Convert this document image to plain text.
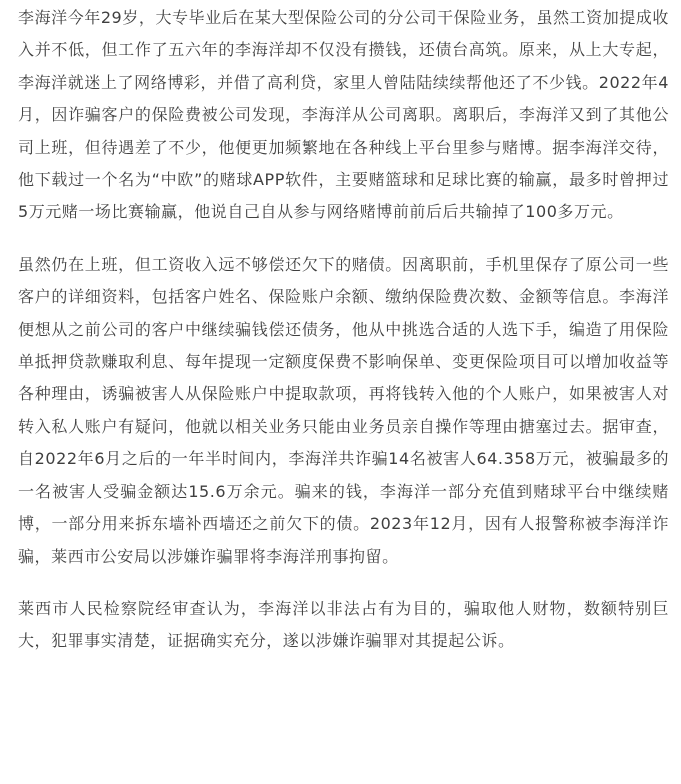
李海洋今年29岁，大专毕业后在某大型保险公司的分公司干保险业务，虽然工资加提成收入并不低，但工作了五六年的李海洋却不仅没有攒钱，还债台高筑。原来，从上大专起，李海洋就迷上了网络博彩，并借了高利贷，家里人曾陆陆续续帮他还了不少钱。2022年4月，因诈骗客户的保险费被公司发现，李海洋从公司离职。离职后，李海洋又到了其他公司上班，但待遇差了不少，他便更加频繁地在各种线上平台里参与赌博。据李海洋交待，他下载过一个名为“中欧”的赌球APP软件，主要赌篮球和足球比赛的输赢，最多时曾押过5万元赌一场比赛输赢，他说自己自从参与网络赌博前前后后共输掉了100多万元。

虽然仍在上班，但工资收入远不够偿还欠下的赌债。因离职前，手机里保存了原公司一些客户的详细资料，包括客户姓名、保险账户余额、缴纳保险费次数、金额等信息。李海洋便想从之前公司的客户中继续骗钱偿还债务，他从中挑选合适的人选下手，编造了用保险单抵押贷款赚取利息、每年提现一定额度保费不影响保单、变更保险项目可以增加收益等各种理由，诱骗被害人从保险账户中提取款项，再将钱转入他的个人账户，如果被害人对转入私人账户有疑问，他就以相关业务只能由业务员亲自操作等理由搪塞过去。据审查，自2022年6月之后的一年半时间内，李海洋共诈骗14名被害人64.358万元，被骗最多的一名被害人受骗金额达15.6万余元。骗来的钱，李海洋一部分充值到赌球平台中继续赌博，一部分用来拆东墙补西墙还之前欠下的债。2023年12月，因有人报警称被李海洋诈骗，莱西市公安局以涉嫌诈骗罪将李海洋刑事拘留。

莱西市人民检察院经审查认为，李海洋以非法占有为目的，骗取他人财物，数额特别巨大，犯罪事实清楚，证据确实充分，遂以涉嫌诈骗罪对其提起公诉。
